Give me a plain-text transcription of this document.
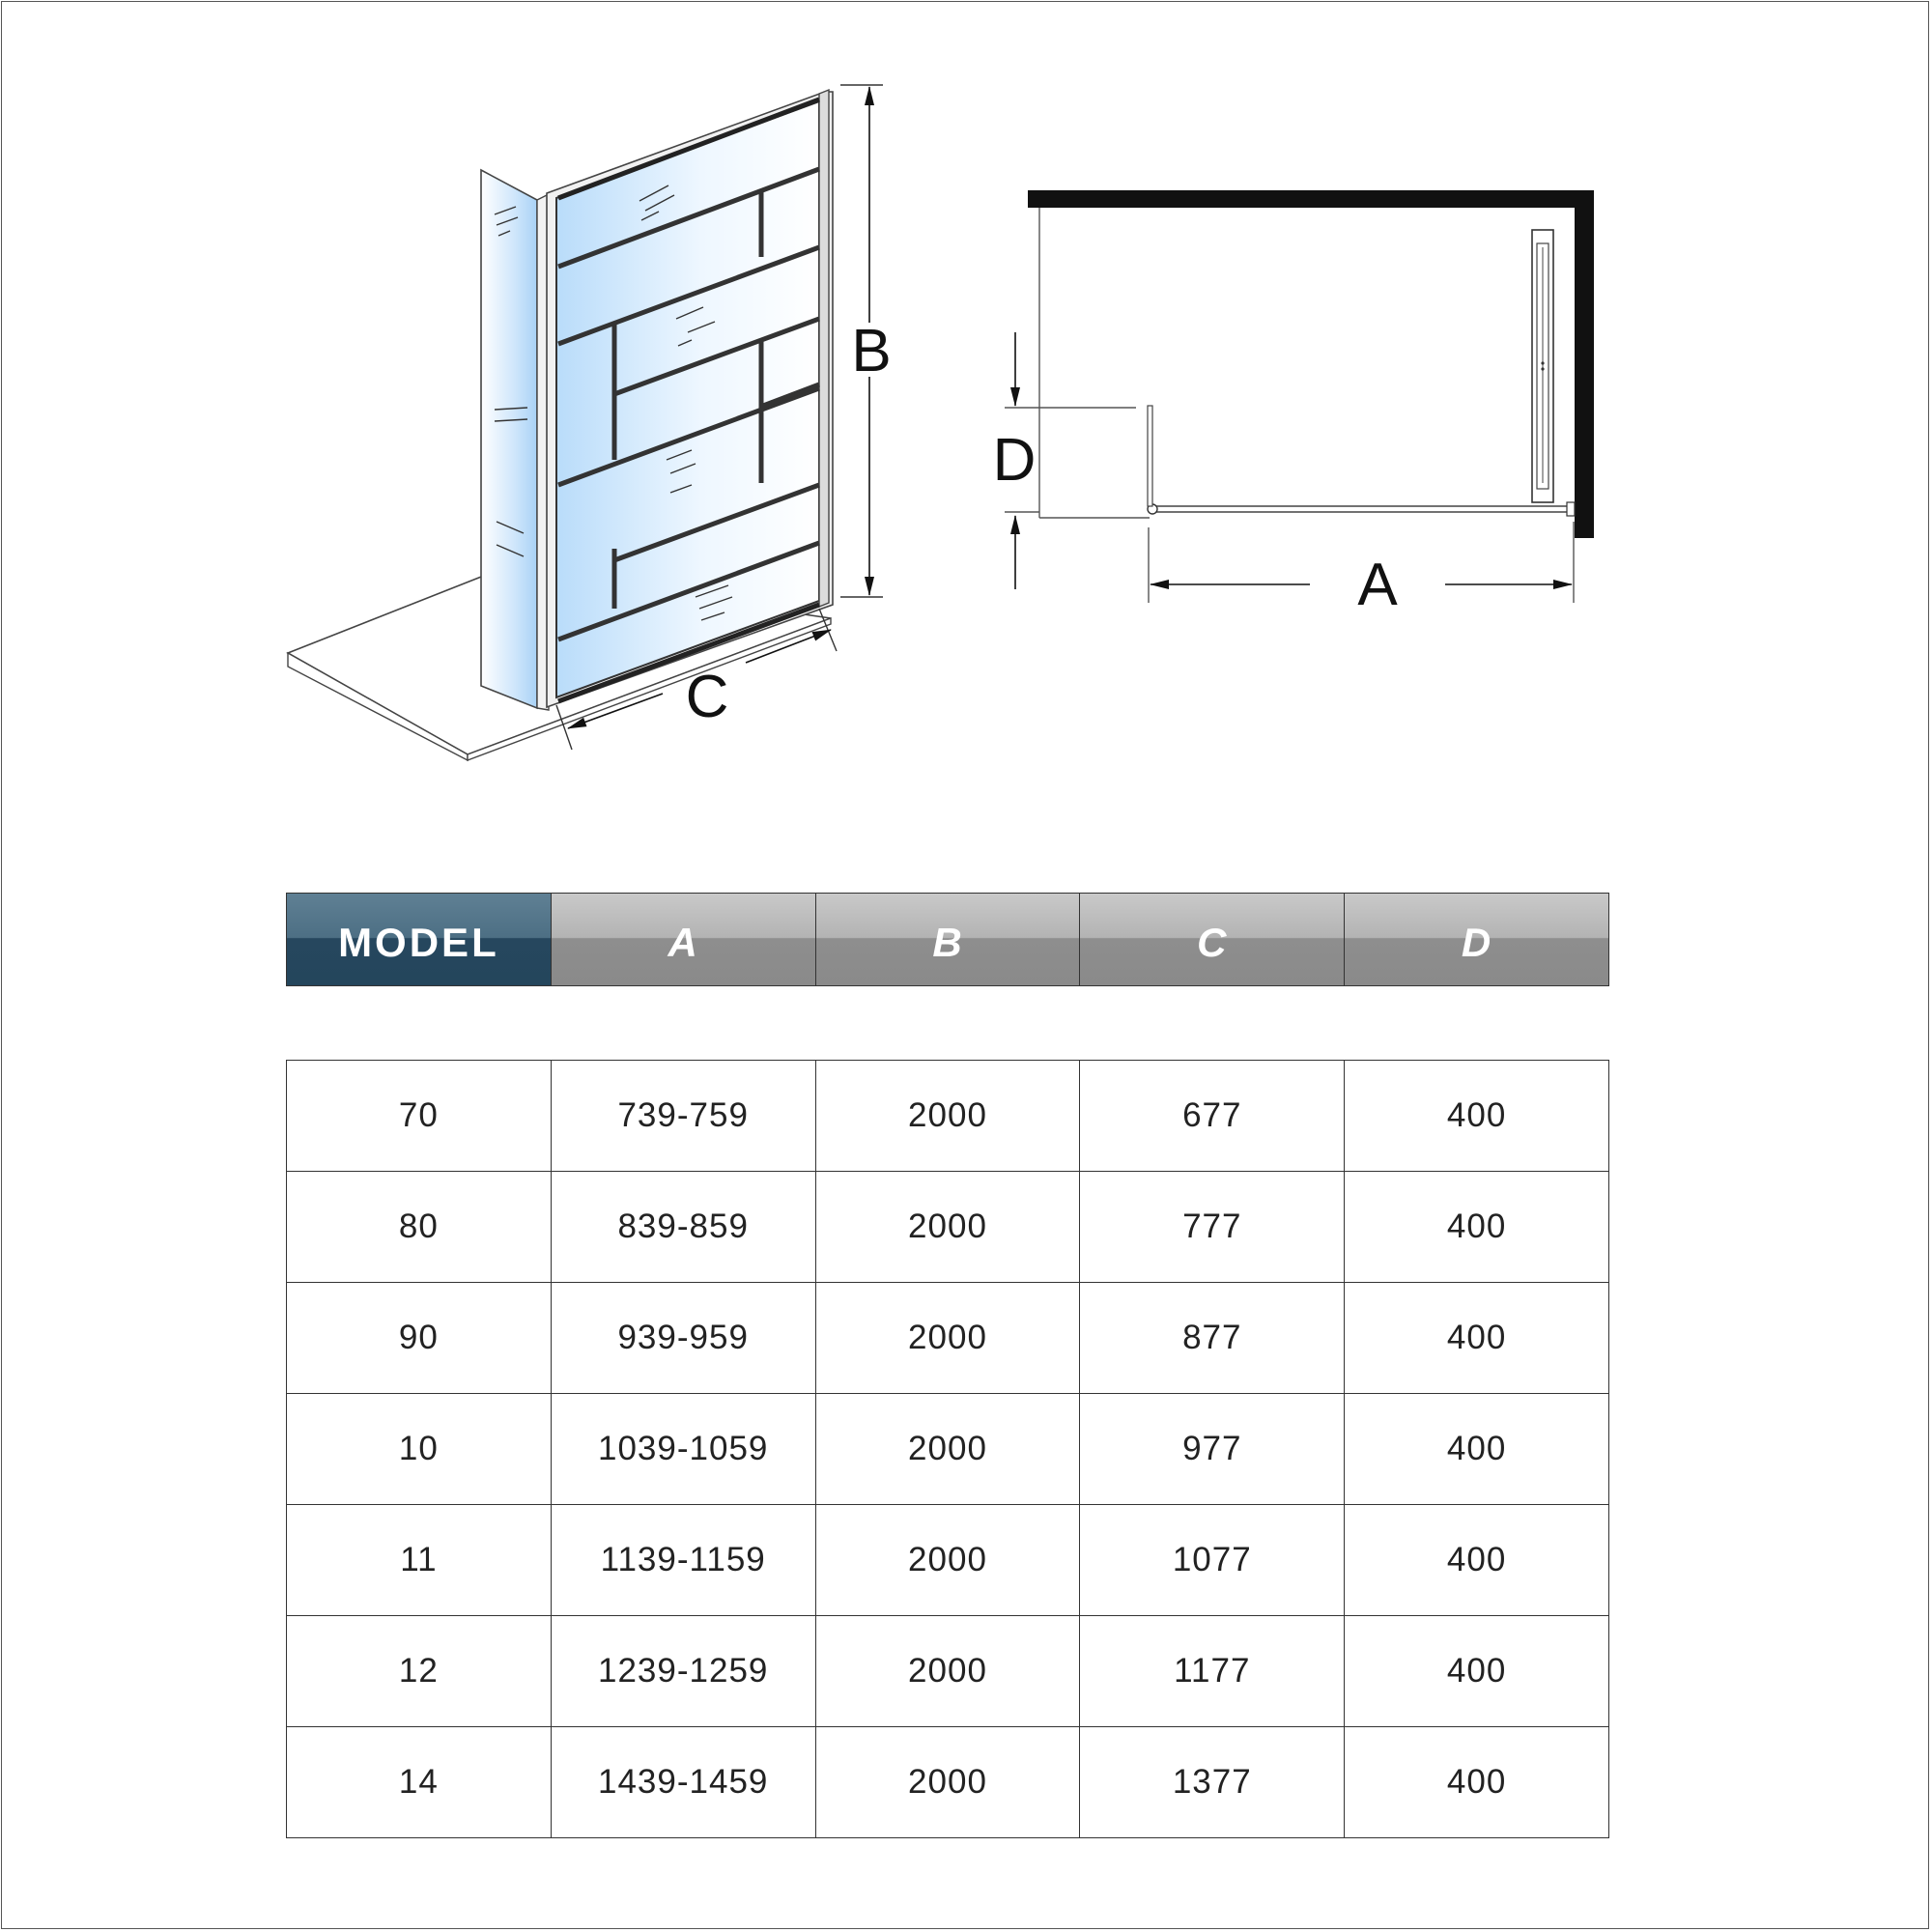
B
C
D
A
MODEL	A	B	C	D
70	739-759	2000	677	400
80	839-859	2000	777	400
90	939-959	2000	877	400
10	1039-1059	2000	977	400
11	1139-1159	2000	1077	400
12	1239-1259	2000	1177	400
14	1439-1459	2000	1377	400
